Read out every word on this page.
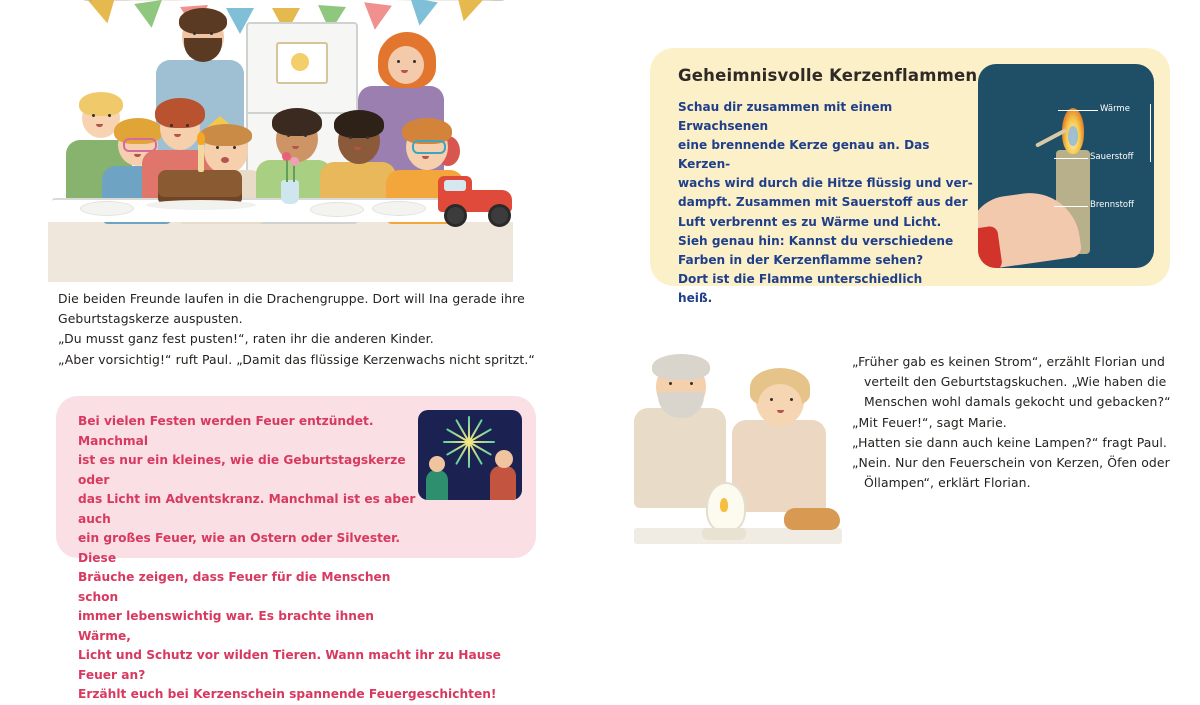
Die beiden Freunde laufen in die Drachengruppe. Dort will Ina gerade ihre
Geburtstagskerze auspusten.
„Du musst ganz fest pusten!“, raten ihr die anderen Kinder.
„Aber vorsichtig!“ ruft Paul. „Damit das flüssige Kerzenwachs nicht spritzt.“
Bei vielen Festen werden Feuer entzündet. Manchmal
ist es nur ein kleines, wie die Geburtstagskerze oder
das Licht im Adventskranz. Manchmal ist es aber auch
ein großes Feuer, wie an Ostern oder Silvester. Diese
Bräuche zeigen, dass Feuer für die Menschen schon
immer lebenswichtig war. Es brachte ihnen Wärme,
Licht und Schutz vor wilden Tieren. Wann macht ihr zu Hause Feuer an?
Erzählt euch bei Kerzenschein spannende Feuergeschichten!
Geheimnisvolle Kerzenflammen
Schau dir zusammen mit einem Erwachsenen
eine brennende Kerze genau an. Das Kerzen-
wachs wird durch die Hitze flüssig und ver-
dampft. Zusammen mit Sauerstoff aus der
Luft verbrennt es zu Wärme und Licht.
Sieh genau hin: Kannst du verschiedene
Farben in der Kerzenflamme sehen?
Dort ist die Flamme unterschiedlich
heiß.
Wärme
Sauerstoff
Brennstoff
„Früher gab es keinen Strom“, erzählt Florian und
verteilt den Geburtstagskuchen. „Wie haben die
Menschen wohl damals gekocht und gebacken?“
„Mit Feuer!“, sagt Marie.
„Hatten sie dann auch keine Lampen?“ fragt Paul.
„Nein. Nur den Feuerschein von Kerzen, Öfen oder
Öllampen“, erklärt Florian.
